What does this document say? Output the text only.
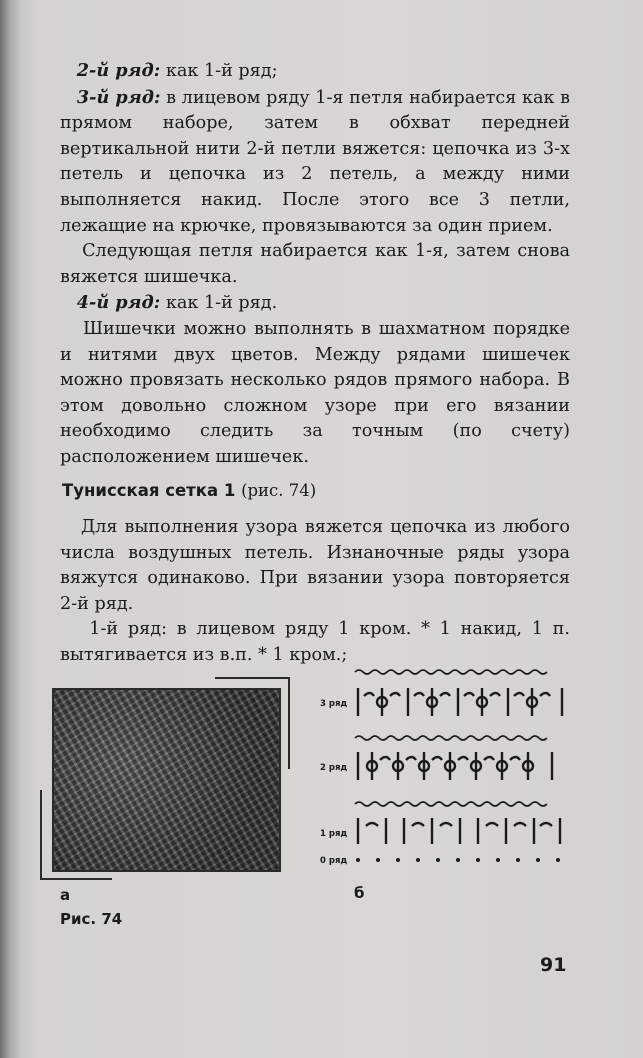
2-й ряд: как 1-й ряд;

3-й ряд: в лицевом ряду 1-я петля набирается как в прямом наборе, затем в обхват передней вертикальной нити 2-й петли вяжется: цепочка из 3-х петель и цепочка из 2 петель, а между ними выполняется накид. После этого все 3 петли, лежащие на крючке, провязываются за один прием.

Следующая петля набирается как 1-я, затем снова вяжется шишечка.

4-й ряд: как 1-й ряд.

Шишечки можно выполнять в шахматном порядке и нитями двух цветов. Между рядами шишечек можно провязать несколько рядов прямого набора. В этом довольно сложном узоре при его вязании необходимо следить за точным (по счету) расположением шишечек.

Тунисская сетка 1 (рис. 74)

Для выполнения узора вяжется цепочка из любого числа воздушных петель. Изнаночные ряды узора вяжутся одинаково. При вязании узора повторяется 2-й ряд.

1-й ряд: в лицевом ряду 1 кром. * 1 накид, 1 п. вытягивается из в.п. * 1 кром.;

3 ряд
2 ряд
1 ряд
0 ряд
а	б
Рис. 74
91
